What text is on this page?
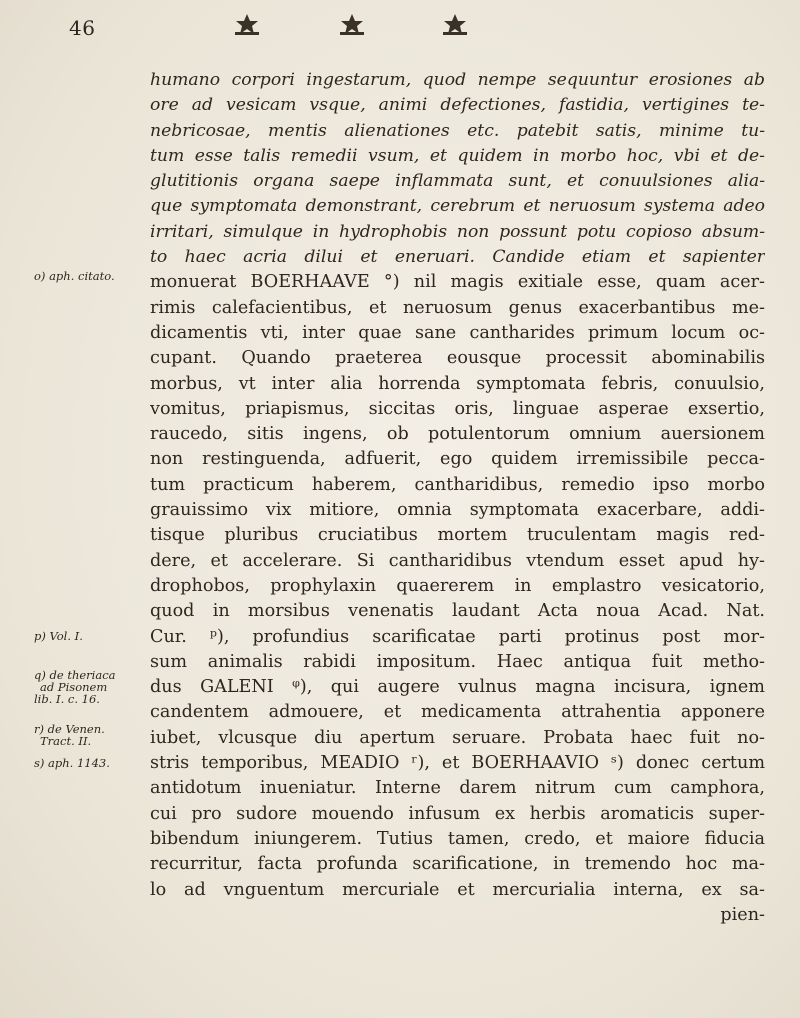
46
o) aph. citato.
p) Vol. I.
q) de theriaca
ad Pisonem
lib. I. c. 16.
r) de Venen.
Tract. II.
s) aph. 1143.
humano corpori ingestarum, quod nempe sequuntur erosiones ab
ore ad vesicam vsque, animi defectiones, fastidia, vertigines te-
nebricosae, mentis alienationes etc. patebit satis, minime tu-
tum esse talis remedii vsum, et quidem in morbo hoc, vbi et de-
glutitionis organa saepe inflammata sunt, et conuulsiones alia-
que symptomata demonstrant, cerebrum et neruosum systema adeo
irritari, simulque in hydrophobis non possunt potu copioso absum-
to haec acria dilui et eneruari. Candide etiam et sapienter
monuerat BOERHAAVE °) nil magis exitiale esse, quam acer-
rimis calefacientibus, et neruosum genus exacerbantibus me-
dicamentis vti, inter quae sane cantharides primum locum oc-
cupant. Quando praeterea eousque processit abominabilis
morbus, vt inter alia horrenda symptomata febris, conuulsio,
vomitus, priapismus, siccitas oris, linguae asperae exsertio,
raucedo, sitis ingens, ob potulentorum omnium auersionem
non restinguenda, adfuerit, ego quidem irremissibile pecca-
tum practicum haberem, cantharidibus, remedio ipso morbo
grauissimo vix mitiore, omnia symptomata exacerbare, addi-
tisque pluribus cruciatibus mortem truculentam magis red-
dere, et accelerare. Si cantharidibus vtendum esset apud hy-
drophobos, prophylaxin quaererem in emplastro vesicatorio,
quod in morsibus venenatis laudant Acta noua Acad. Nat.
Cur. ᵖ), profundius scarificatae parti protinus post mor-
sum animalis rabidi impositum. Haec antiqua fuit metho-
dus GALENI ᵠ), qui augere vulnus magna incisura, ignem
candentem admouere, et medicamenta attrahentia apponere
iubet, vlcusque diu apertum seruare. Probata haec fuit no-
stris temporibus, MEADIO ʳ), et BOERHAAVIO ˢ) donec certum
antidotum inueniatur. Interne darem nitrum cum camphora,
cui pro sudore mouendo infusum ex herbis aromaticis super-
bibendum iniungerem. Tutius tamen, credo, et maiore fiducia
recurritur, facta profunda scarificatione, in tremendo hoc ma-
lo ad vnguentum mercuriale et mercurialia interna, ex sa-
pien-
